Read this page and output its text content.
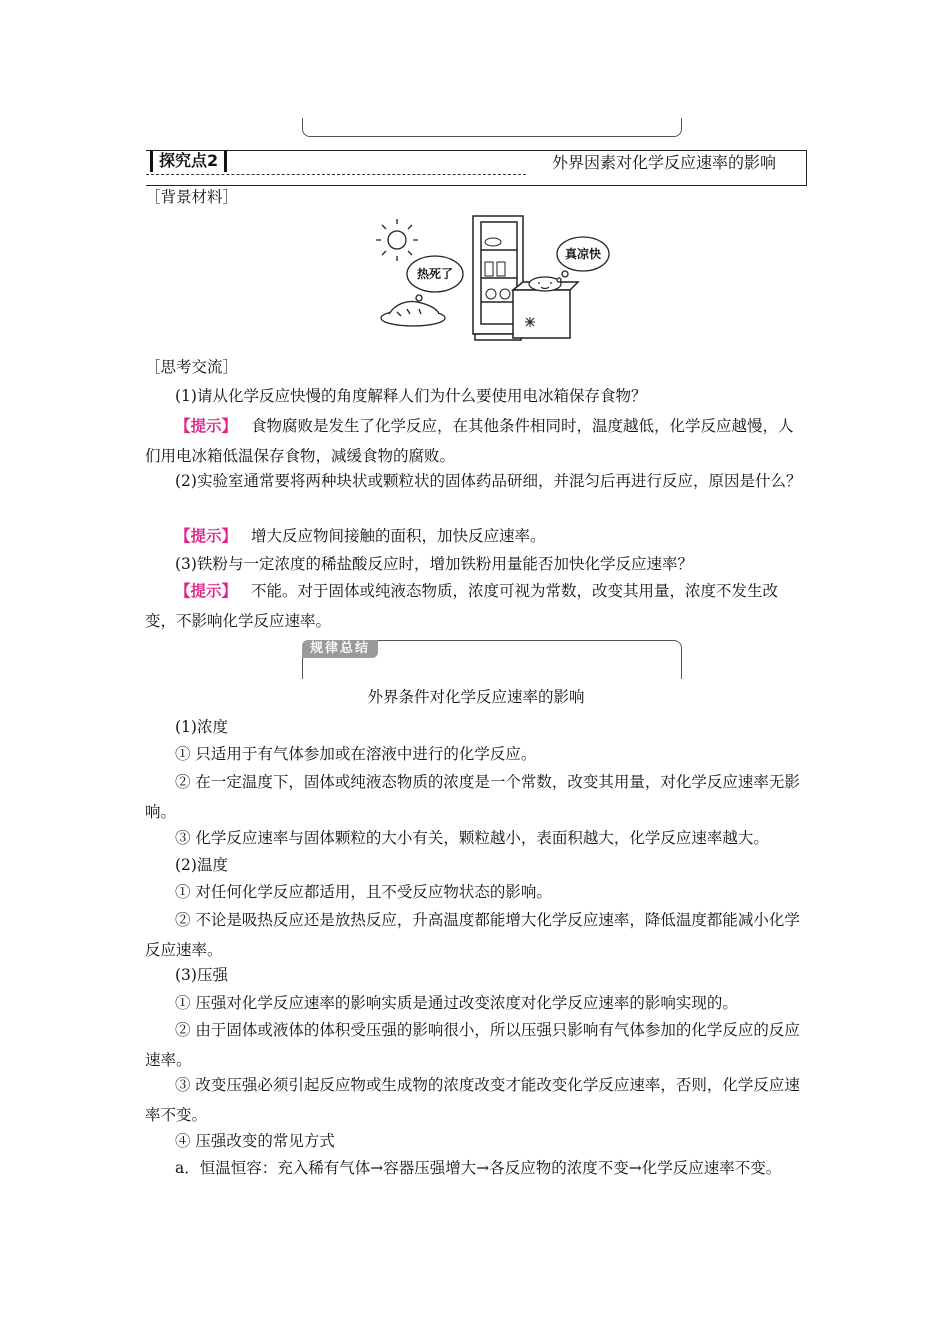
探究点2	外界因素对化学反应速率的影响
［背景材料］
热死了
真凉快
［思考交流］
(1)请从化学反应快慢的角度解释人们为什么要使用电冰箱保存食物？
【提示】 食物腐败是发生了化学反应，在其他条件相同时，温度越低，化学反应越慢，人们用电冰箱低温保存食物，减缓食物的腐败。
(2)实验室通常要将两种块状或颗粒状的固体药品研细，并混匀后再进行反应，原因是什么？
【提示】 增大反应物间接触的面积，加快反应速率。
(3)铁粉与一定浓度的稀盐酸反应时，增加铁粉用量能否加快化学反应速率？
【提示】 不能。对于固体或纯液态物质，浓度可视为常数，改变其用量，浓度不发生改变，不影响化学反应速率。
规律总结
外界条件对化学反应速率的影响
(1)浓度
① 只适用于有气体参加或在溶液中进行的化学反应。
② 在一定温度下，固体或纯液态物质的浓度是一个常数，改变其用量，对化学反应速率无影响。
③ 化学反应速率与固体颗粒的大小有关，颗粒越小，表面积越大，化学反应速率越大。
(2)温度
① 对任何化学反应都适用，且不受反应物状态的影响。
② 不论是吸热反应还是放热反应，升高温度都能增大化学反应速率，降低温度都能减小化学反应速率。
(3)压强
① 压强对化学反应速率的影响实质是通过改变浓度对化学反应速率的影响实现的。
② 由于固体或液体的体积受压强的影响很小，所以压强只影响有气体参加的化学反应的反应速率。
③ 改变压强必须引起反应物或生成物的浓度改变才能改变化学反应速率，否则，化学反应速率不变。
④ 压强改变的常见方式
a．恒温恒容：充入稀有气体→容器压强增大→各反应物的浓度不变→化学反应速率不变。
